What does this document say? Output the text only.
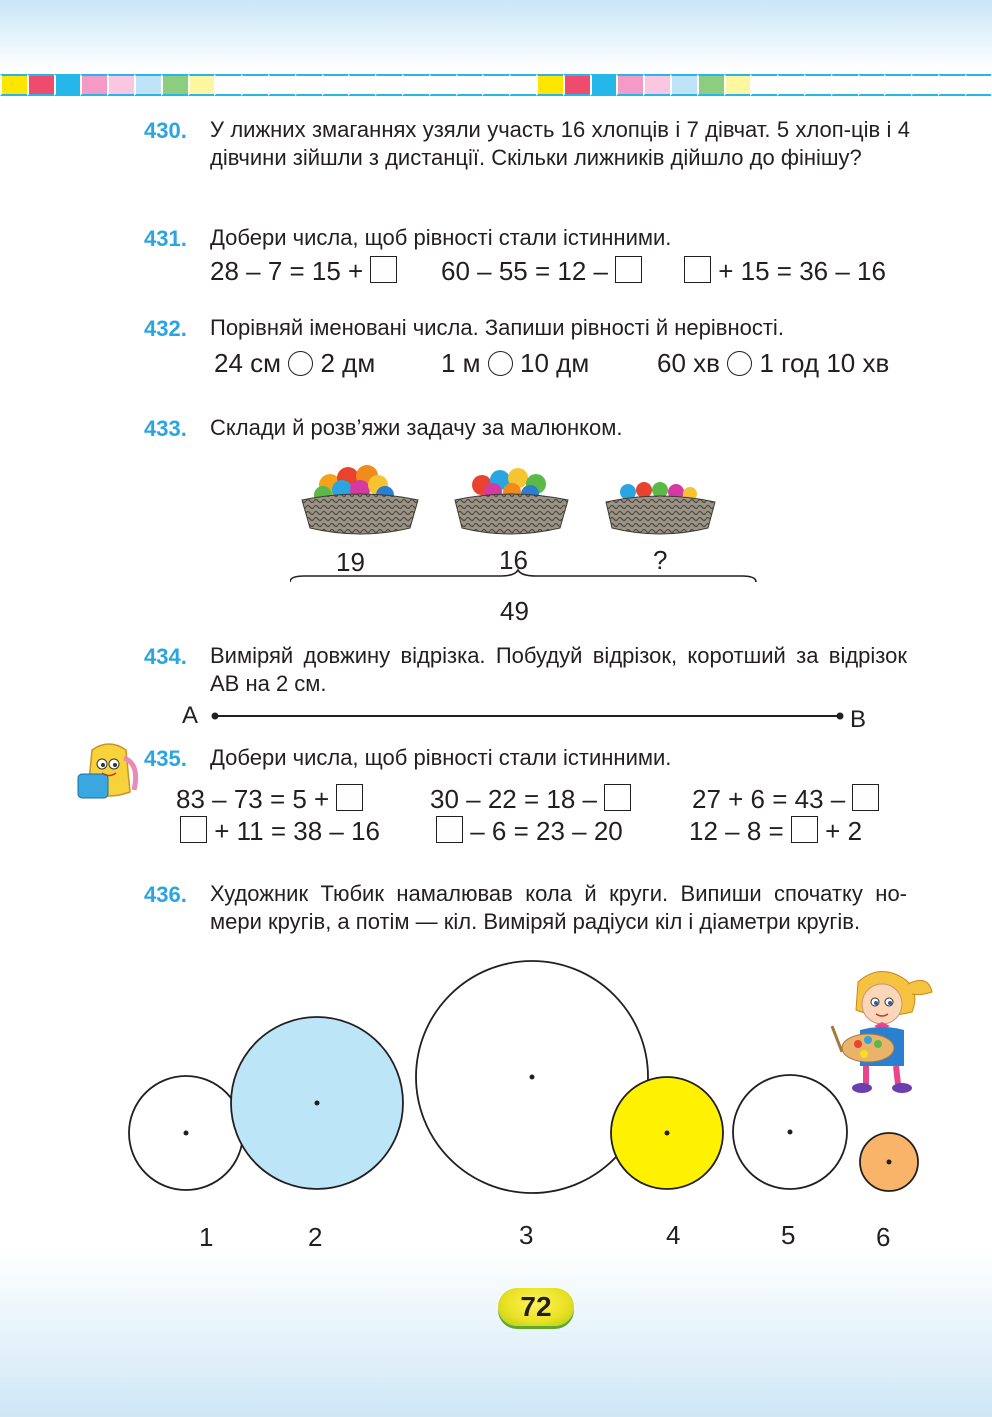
430. У лижних змаганнях узяли участь 16 хлопців і 7 дівчат. 5 хлоп-ців і 4 дівчини зійшли з дистанції. Скільки лижників дійшло до фінішу?
431. Добери числа, щоб рівності стали істинними.
28 – 7 = 15 +	60 – 55 = 12 –	+ 15 = 36 – 16
432. Порівняй іменовані числа. Запиши рівності й нерівності.
24 см 2 дм	1 м 10 дм	60 хв 1 год 10 хв
433. Склади й розв’яжи задачу за малюнком.
19	16	?
49
434. Виміряй довжину відрізка. Побудуй відрізок, коротший за відрізок АВ на 2 см.
A	B
435. Добери числа, щоб рівності стали істинними.
83 – 73 = 5 +	30 – 22 = 18 –	27 + 6 = 43 –
+ 11 = 38 – 16	– 6 = 23 – 20	12 – 8 = + 2
436. Художник Тюбик намалював кола й круги. Випиши спочатку но-мери кругів, а потім — кіл. Виміряй радіуси кіл і діаметри кругів.
1	2	3	4	5	6
72
